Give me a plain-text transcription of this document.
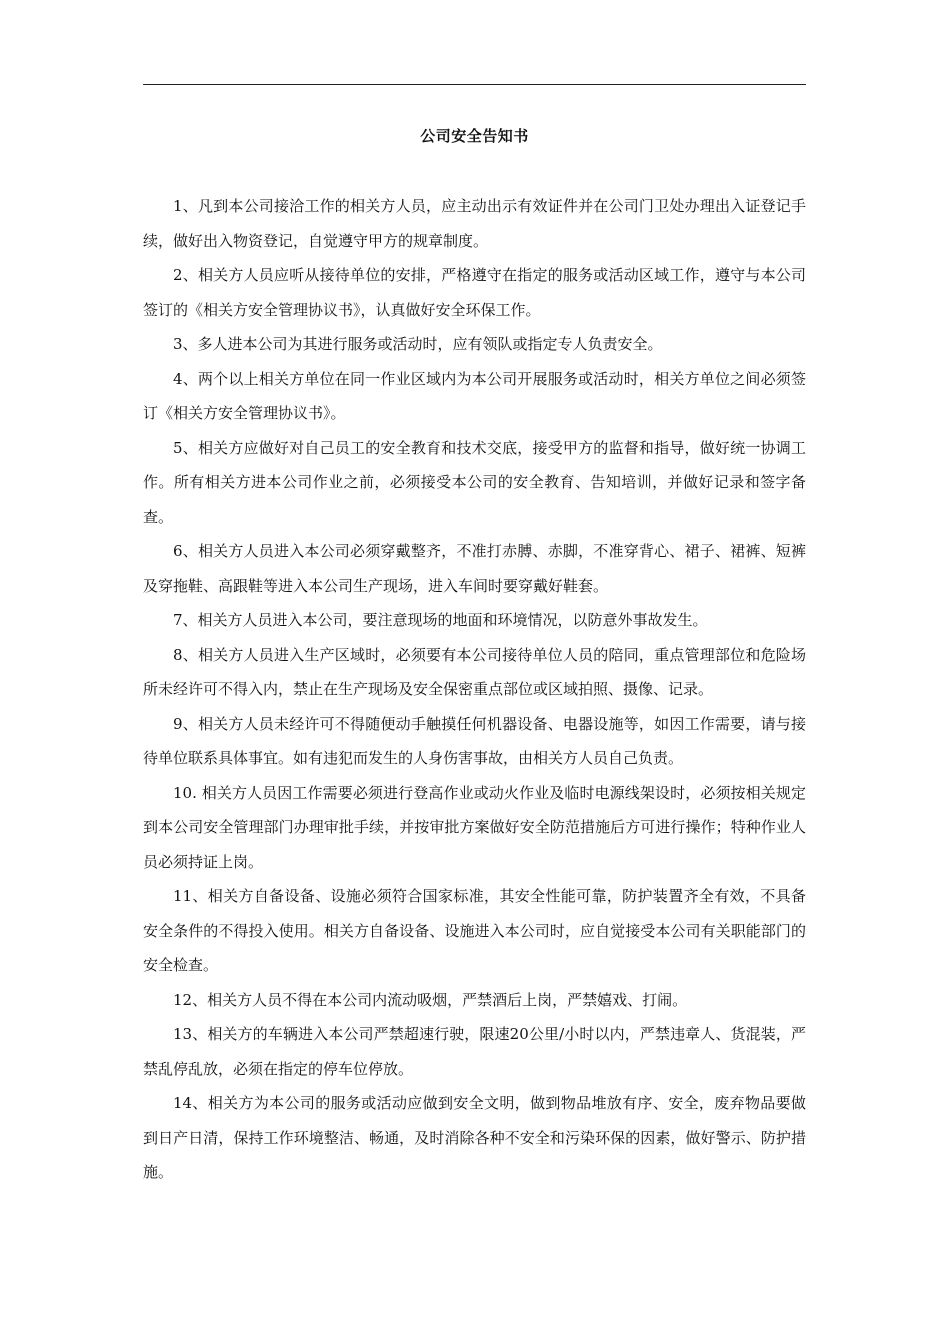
公司安全告知书

1、凡到本公司接洽工作的相关方人员，应主动出示有效证件并在公司门卫处办理出入证登记手续，做好出入物资登记，自觉遵守甲方的规章制度。

2、相关方人员应听从接待单位的安排，严格遵守在指定的服务或活动区域工作，遵守与本公司签订的《相关方安全管理协议书》，认真做好安全环保工作。

3、多人进本公司为其进行服务或活动时，应有领队或指定专人负责安全。

4、两个以上相关方单位在同一作业区域内为本公司开展服务或活动时，相关方单位之间必须签订《相关方安全管理协议书》。

5、相关方应做好对自己员工的安全教育和技术交底，接受甲方的监督和指导，做好统一协调工作。所有相关方进本公司作业之前，必须接受本公司的安全教育、告知培训，并做好记录和签字备查。

6、相关方人员进入本公司必须穿戴整齐，不准打赤膊、赤脚，不准穿背心、裙子、裙裤、短裤及穿拖鞋、高跟鞋等进入本公司生产现场，进入车间时要穿戴好鞋套。

7、相关方人员进入本公司，要注意现场的地面和环境情况，以防意外事故发生。

8、相关方人员进入生产区域时，必须要有本公司接待单位人员的陪同，重点管理部位和危险场所未经许可不得入内，禁止在生产现场及安全保密重点部位或区域拍照、摄像、记录。

9、相关方人员未经许可不得随便动手触摸任何机器设备、电器设施等，如因工作需要，请与接待单位联系具体事宜。如有违犯而发生的人身伤害事故，由相关方人员自己负责。

10. 相关方人员因工作需要必须进行登高作业或动火作业及临时电源线架设时，必须按相关规定到本公司安全管理部门办理审批手续，并按审批方案做好安全防范措施后方可进行操作；特种作业人员必须持证上岗。

11、相关方自备设备、设施必须符合国家标准，其安全性能可靠，防护装置齐全有效，不具备安全条件的不得投入使用。相关方自备设备、设施进入本公司时，应自觉接受本公司有关职能部门的安全检查。

12、相关方人员不得在本公司内流动吸烟，严禁酒后上岗，严禁嬉戏、打闹。

13、相关方的车辆进入本公司严禁超速行驶，限速20公里/小时以内，严禁违章人、货混装，严禁乱停乱放，必须在指定的停车位停放。

14、相关方为本公司的服务或活动应做到安全文明，做到物品堆放有序、安全，废弃物品要做到日产日清，保持工作环境整洁、畅通，及时消除各种不安全和污染环保的因素，做好警示、防护措施。
